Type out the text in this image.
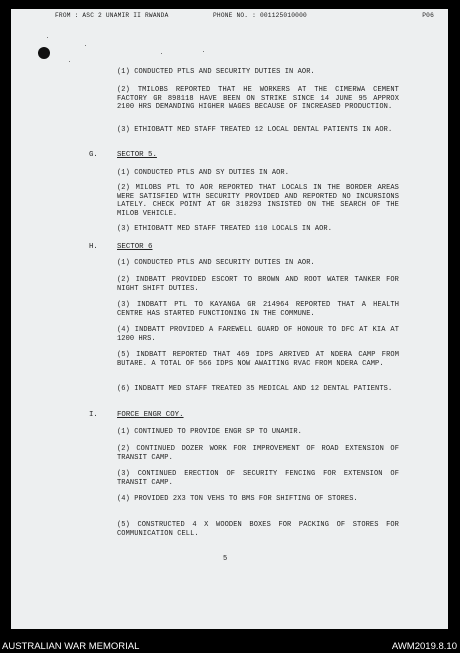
FROM : ASC 2 UNAMIR II RWANDA	PHONE NO. : 001125010000	P06
(1) CONDUCTED PTLS AND SECURITY DUTIES IN AOR.
(2) TMILOBS REPORTED THAT HE WORKERS AT THE CIMERWA CEMENT FACTORY GR 898118 HAVE BEEN ON STRIKE SINCE 14 JUNE 95 APPROX 2100 HRS DEMANDING HIGHER WAGES BECAUSE OF INCREASED PRODUCTION.
(3) ETHIOBATT MED STAFF TREATED 12 LOCAL DENTAL PATIENTS IN AOR.
G.	SECTOR 5.
(1) CONDUCTED PTLS AND SY DUTIES IN AOR.
(2) MILOBS PTL TO AOR REPORTED THAT LOCALS IN THE BORDER AREAS WERE SATISFIED WITH SECURITY PROVIDED AND REPORTED NO INCURSIONS LATELY. CHECK POINT AT GR 318293 INSISTED ON THE SEARCH OF THE MILOB VEHICLE.
(3) ETHIOBATT MED STAFF TREATED 110 LOCALS IN AOR.
H.	SECTOR 6
(1) CONDUCTED PTLS AND SECURITY DUTIES IN AOR.
(2) INDBATT PROVIDED ESCORT TO BROWN AND ROOT WATER TANKER FOR NIGHT SHIFT DUTIES.
(3) INDBATT PTL TO KAYANGA GR 214964 REPORTED THAT A HEALTH CENTRE HAS STARTED FUNCTIONING IN THE COMMUNE.
(4) INDBATT PROVIDED A FAREWELL GUARD OF HONOUR TO DFC AT KIA AT 1200 HRS.
(5) INDBATT REPORTED THAT 469 IDPS ARRIVED AT NDERA CAMP FROM BUTARE. A TOTAL OF 566 IDPS NOW AWAITING RVAC FROM NDERA CAMP.
(6) INDBATT MED STAFF TREATED 35 MEDICAL AND 12 DENTAL PATIENTS.
I.	FORCE ENGR COY.
(1) CONTINUED TO PROVIDE ENGR SP TO UNAMIR.
(2) CONTINUED DOZER WORK FOR IMPROVEMENT OF ROAD EXTENSION OF TRANSIT CAMP.
(3) CONTINUED ERECTION OF SECURITY FENCING FOR EXTENSION OF TRANSIT CAMP.
(4) PROVIDED 2X3 TON VEHS TO BMS FOR SHIFTING OF STORES.
(5) CONSTRUCTED 4 X WOODEN BOXES FOR PACKING OF STORES FOR COMMUNICATION CELL.
5
AUSTRALIAN WAR MEMORIAL	AWM2019.8.10
